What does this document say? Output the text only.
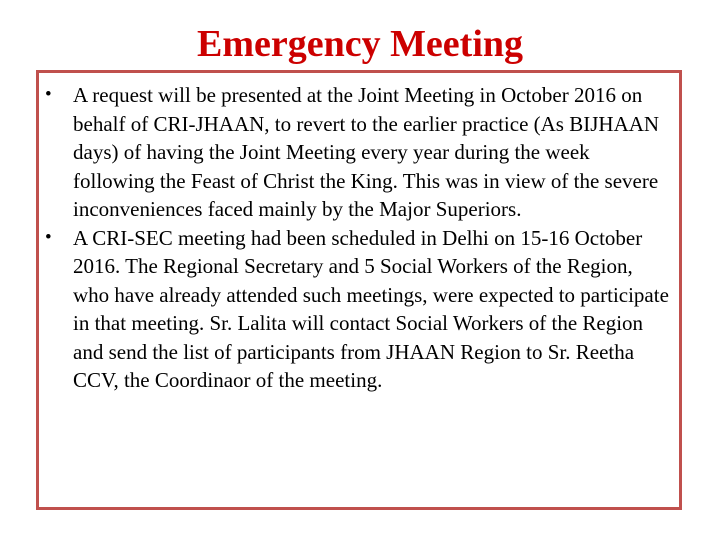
Emergency Meeting
• A request will be presented at the Joint Meeting in October 2016 on behalf of CRI-JHAAN, to revert to the earlier practice (As BIJHAAN days) of having the Joint Meeting every year during the week following the Feast of Christ the King. This was in view of the severe inconveniences faced mainly by the Major Superiors.
• A CRI-SEC meeting had been scheduled in Delhi on 15-16 October 2016. The Regional Secretary and 5 Social Workers of the Region, who have already attended such meetings, were expected to participate in that meeting. Sr. Lalita will contact Social Workers of the Region and send the list of participants from JHAAN Region to Sr. Reetha CCV, the Coordinaor of the meeting.
